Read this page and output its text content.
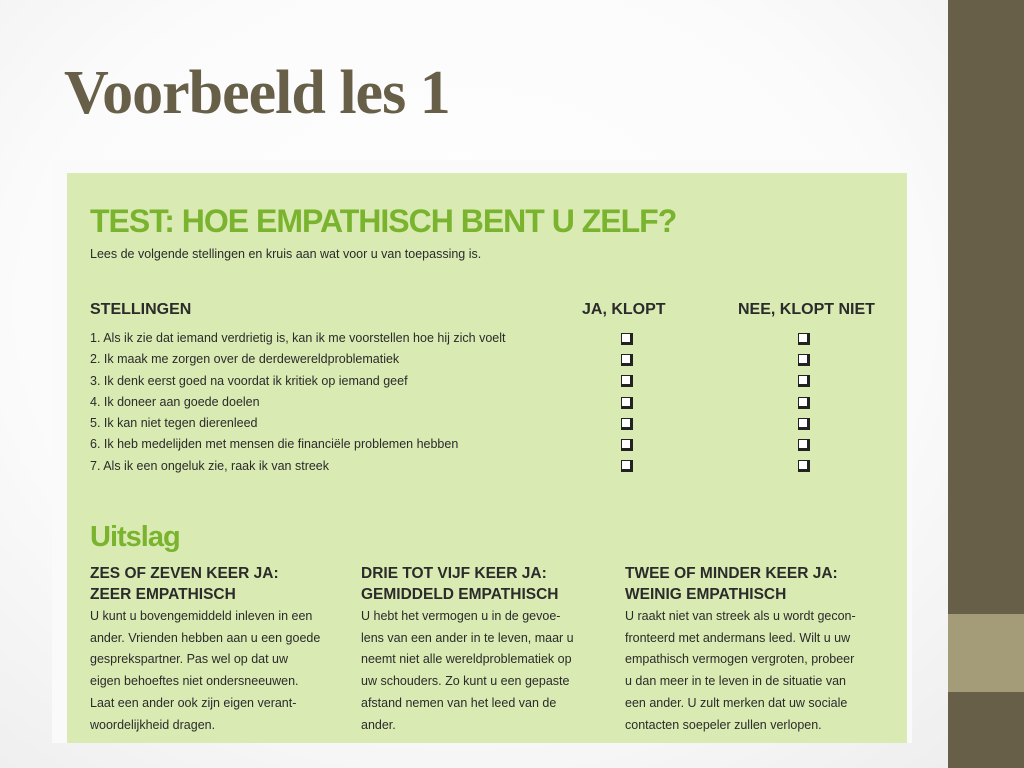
Voorbeeld les 1
TEST: HOE EMPATHISCH BENT U ZELF?
Lees de volgende stellingen en kruis aan wat voor u van toepassing is.
STELLINGEN	JA, KLOPT	NEE, KLOPT NIET
1. Als ik zie dat iemand verdrietig is, kan ik me voorstellen hoe hij zich voelt
2. Ik maak me zorgen over de derdewereldproblematiek
3. Ik denk eerst goed na voordat ik kritiek op iemand geef
4. Ik doneer aan goede doelen
5. Ik kan niet tegen dierenleed
6. Ik heb medelijden met mensen die financiële problemen hebben
7. Als ik een ongeluk zie, raak ik van streek
Uitslag
ZES OF ZEVEN KEER JA:
ZEER EMPATHISCH
U kunt u bovengemiddeld inleven in een
ander. Vrienden hebben aan u een goede
gesprekspartner. Pas wel op dat uw
eigen behoeftes niet ondersneeuwen.
Laat een ander ook zijn eigen verant-
woordelijkheid dragen.
DRIE TOT VIJF KEER JA:
GEMIDDELD EMPATHISCH
U hebt het vermogen u in de gevoe-
lens van een ander in te leven, maar u
neemt niet alle wereldproblematiek op
uw schouders. Zo kunt u een gepaste
afstand nemen van het leed van de
ander.
TWEE OF MINDER KEER JA:
WEINIG EMPATHISCH
U raakt niet van streek als u wordt gecon-
fronteerd met andermans leed. Wilt u uw
empathisch vermogen vergroten, probeer
u dan meer in te leven in de situatie van
een ander. U zult merken dat uw sociale
contacten soepeler zullen verlopen.
